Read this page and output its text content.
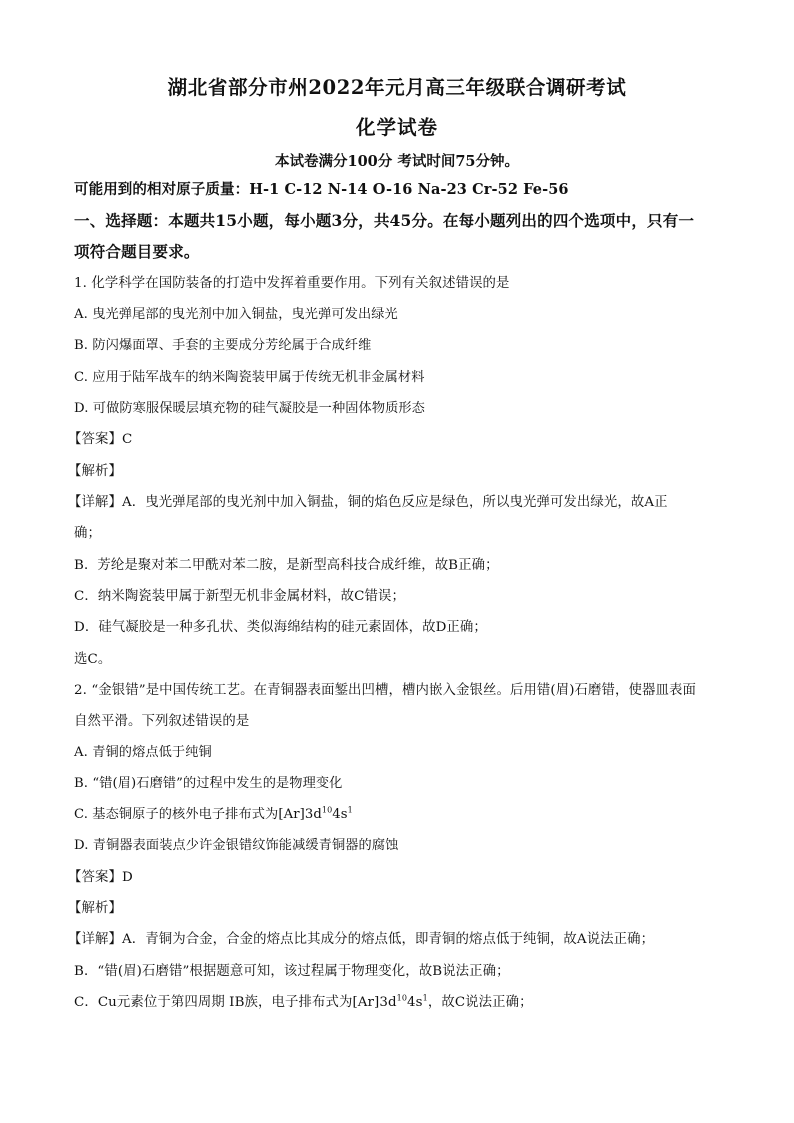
湖北省部分市州2022年元月高三年级联合调研考试
化学试卷
本试卷满分100分 考试时间75分钟。
可能用到的相对原子质量：H-1 C-12 N-14 O-16 Na-23 Cr-52 Fe-56
一、选择题：本题共15小题，每小题3分，共45分。在每小题列出的四个选项中，只有一
项符合题目要求。
1. 化学科学在国防装备的打造中发挥着重要作用。下列有关叙述错误的是
A. 曳光弹尾部的曳光剂中加入铜盐，曳光弹可发出绿光
B. 防闪爆面罩、手套的主要成分芳纶属于合成纤维
C. 应用于陆军战车的纳米陶瓷装甲属于传统无机非金属材料
D. 可做防寒服保暖层填充物的硅气凝胶是一种固体物质形态
【答案】C
【解析】
【详解】A．曳光弹尾部的曳光剂中加入铜盐，铜的焰色反应是绿色，所以曳光弹可发出绿光，故A正
确；
B．芳纶是聚对苯二甲酰对苯二胺，是新型高科技合成纤维，故B正确；
C．纳米陶瓷装甲属于新型无机非金属材料，故C错误；
D．硅气凝胶是一种多孔状、类似海绵结构的硅元素固体，故D正确；
选C。
2. “金银错”是中国传统工艺。在青铜器表面錾出凹槽，槽内嵌入金银丝。后用错(眉)石磨错，使器皿表面
自然平滑。下列叙述错误的是
A. 青铜的熔点低于纯铜
B. “错(眉)石磨错”的过程中发生的是物理变化
C. 基态铜原子的核外电子排布式为$[Ar]3d^{10}4s^1$
D. 青铜器表面装点少许金银错纹饰能减缓青铜器的腐蚀
【答案】D
【解析】
【详解】A．青铜为合金，合金的熔点比其成分的熔点低，即青铜的熔点低于纯铜，故A说法正确；
B．“错(眉)石磨错”根据题意可知，该过程属于物理变化，故B说法正确；
C．Cu元素位于第四周期 IB族，电子排布式为$[Ar]3d^{10}4s^1$，故C说法正确；
